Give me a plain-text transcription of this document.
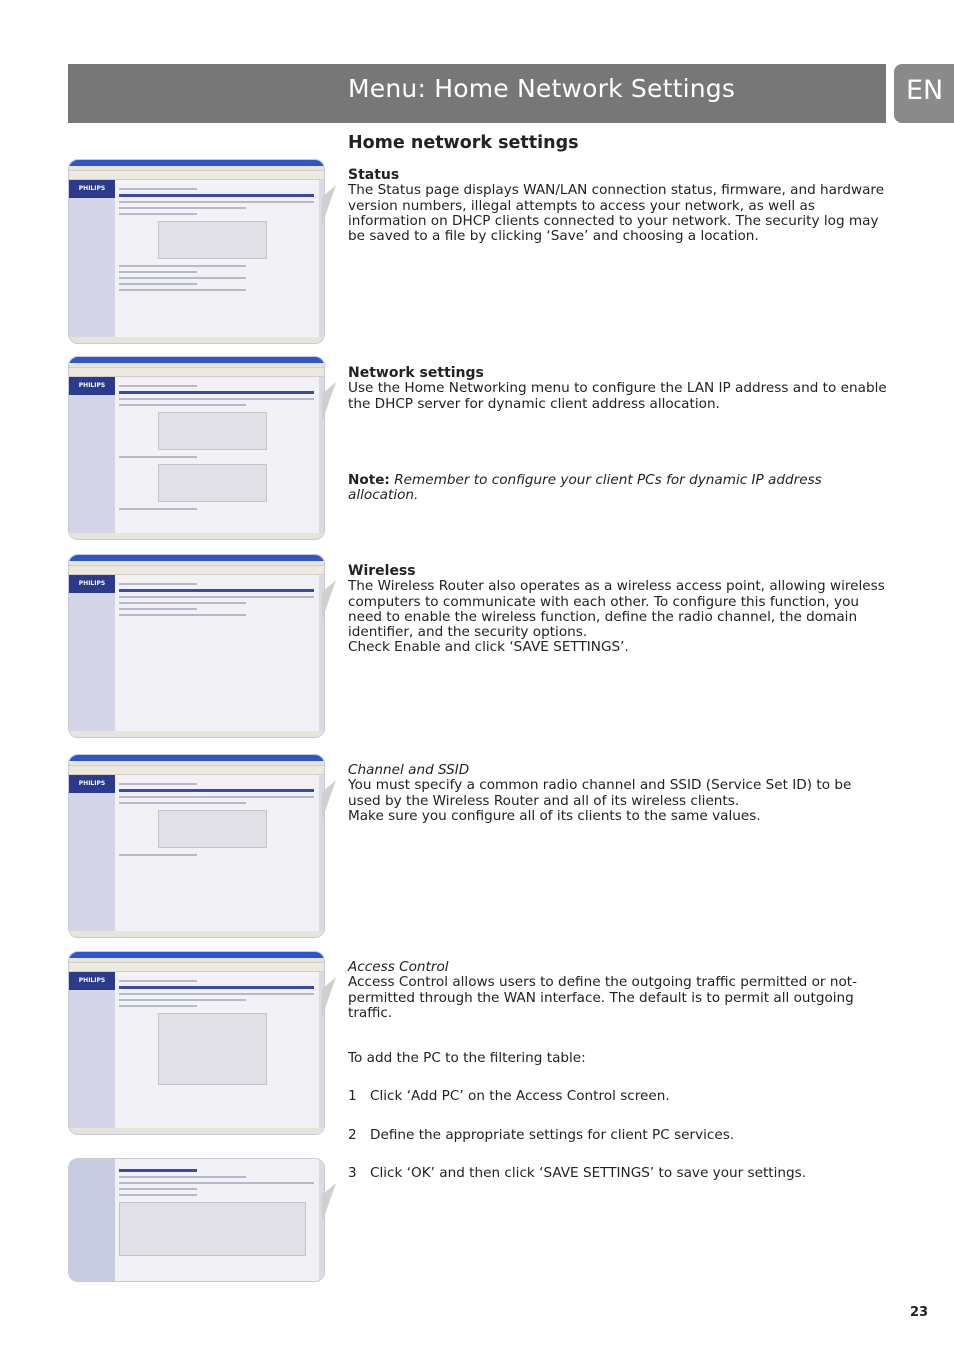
Menu: Home Network Settings	EN
Home network settings
PHILIPS
PHILIPS
PHILIPS
PHILIPS
PHILIPS

Status

The Status page displays WAN/LAN connection status, firmware, and hardware version numbers, illegal attempts to access your network, as well as information on DHCP clients connected to your network. The security log may be saved to a file by clicking ‘Save’ and choosing a location.

Network settings

Use the Home Networking menu to configure the LAN IP address and to enable the DHCP server for dynamic client address allocation.

Note: Remember to configure your client PCs for dynamic IP address allocation.

Wireless

The Wireless Router also operates as a wireless access point, allowing wireless computers to communicate with each other. To configure this function, you need to enable the wireless function, define the radio channel, the domain identifier, and the security options.

Check Enable and click ‘SAVE SETTINGS’.

Channel and SSID

You must specify a common radio channel and SSID (Service Set ID) to be used by the Wireless Router and all of its wireless clients.

Make sure you configure all of its clients to the same values.

Access Control

Access Control allows users to define the outgoing traffic permitted or not-permitted through the WAN interface. The default is to permit all outgoing traffic.

To add the PC to the filtering table:

1 Click ‘Add PC’ on the Access Control screen.
2 Define the appropriate settings for client PC services.
3 Click ‘OK’ and then click ‘SAVE SETTINGS’ to save your settings.
23
